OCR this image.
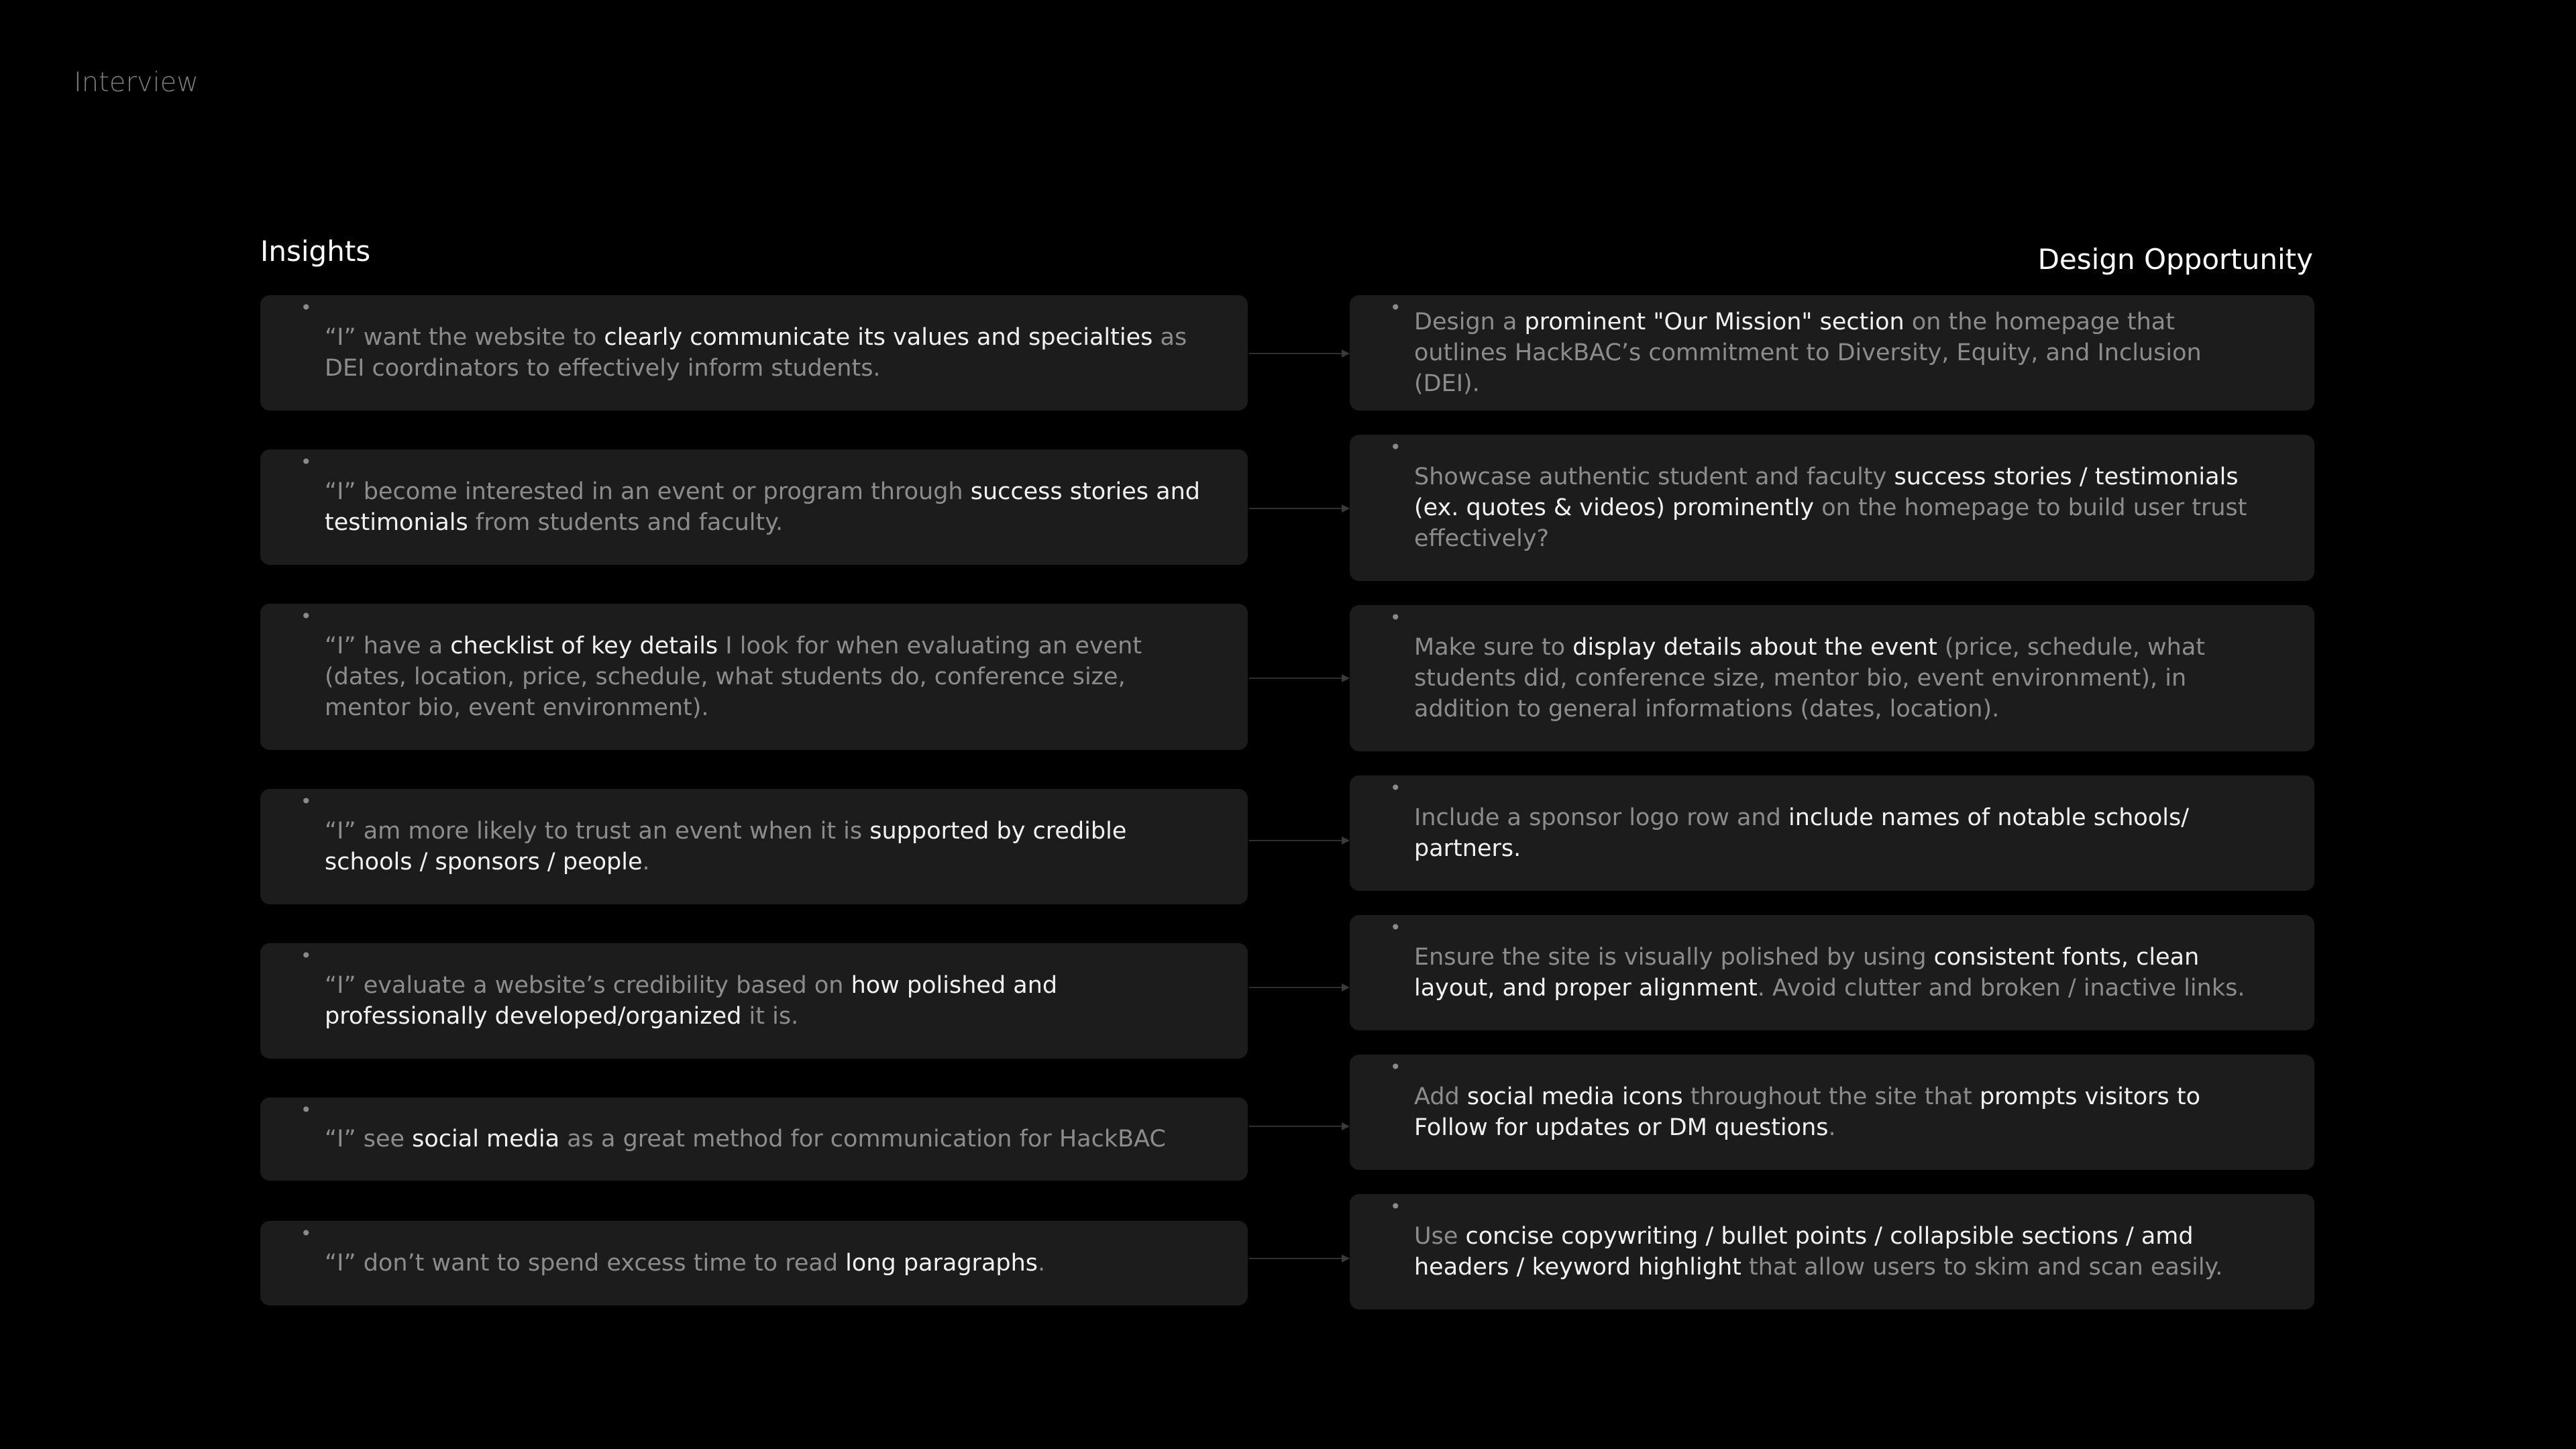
Interview
Insights	Design Opportunity
•
“I” want the website to clearly communicate its values and specialties as DEI coordinators to effectively inform students.
•
Design a prominent "Our Mission" section on the homepage that outlines HackBAC’s commitment to Diversity, Equity, and Inclusion (DEI).
•
“I” become interested in an event or program through success stories and testimonials from students and faculty.
•
Showcase authentic student and faculty success stories / testimonials (ex. quotes & videos) prominently on the homepage to build user trust effectively?
•
“I” have a checklist of key details I look for when evaluating an event (dates, location, price, schedule, what students do, conference size, mentor bio, event environment).
•
Make sure to display details about the event (price, schedule, what students did, conference size, mentor bio, event environment), in addition to general informations (dates, location).
•
“I” am more likely to trust an event when it is supported by credible schools / sponsors / people.
•
Include a sponsor logo row and include names of notable schools/ partners.
•
“I” evaluate a website’s credibility based on how polished and professionally developed/organized it is.
•
Ensure the site is visually polished by using consistent fonts, clean layout, and proper alignment. Avoid clutter and broken / inactive links.
•
“I” see social media as a great method for communication for HackBAC
•
Add social media icons throughout the site that prompts visitors to Follow for updates or DM questions.
•
“I” don’t want to spend excess time to read long paragraphs.
•
Use concise copywriting / bullet points / collapsible sections / amd headers / keyword highlight that allow users to skim and scan easily.
